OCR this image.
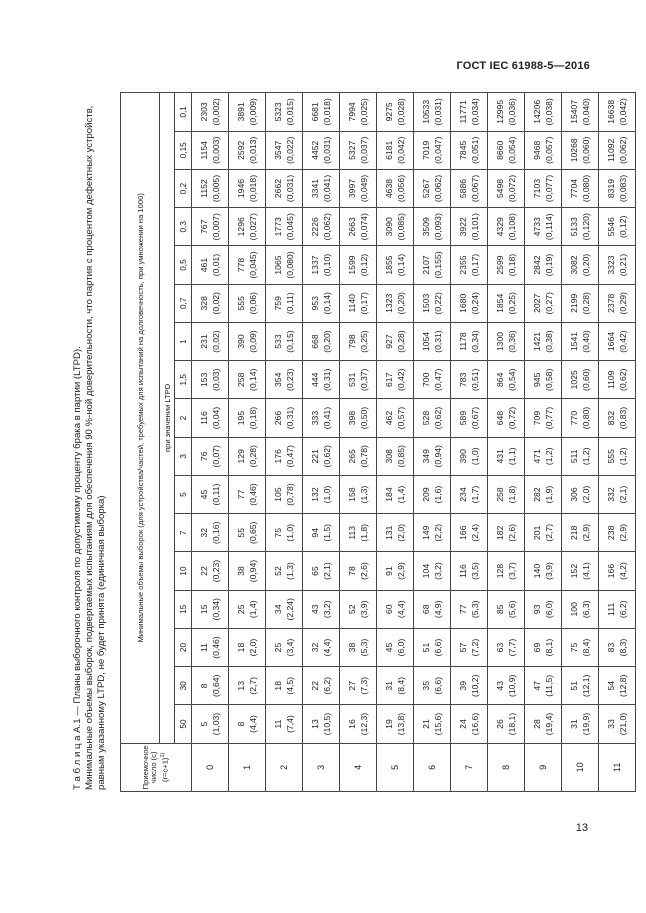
ГОСТ IEC 61988-5—2016
Т а б л и ц а А.1 — Планы выборочного контроля по допустимому проценту брака в партии (LTPD). Минимальные объемы выборок, подвергаемых испытаниям для обеспечения 90 %-ной доверительности, что партия с процентом дефектных устройств, равным указанному LTPD, не будет принята (единичная выборка)	Приемочное число (c) (r=c+1)$^{1)}$	Минимальные объемы выборок (для устройства/частей, требуемых для испытаний на долговечность, при умножении на 1000)																
	при значении LTPD																
	50	30	20	15	10	7	5	3	2	1,5	1	0,7	0,5	0,3	0,2	0,15	0,1
0	5 (1,03)	8 (0,64)	11 (0,46)	15 (0,34)	22 (0,23)	32 (0,16)	45 (0,11)	76 (0,07)	116 (0,04)	153 (0,03)	231 (0,02)	328 (0,02)	461 (0,01)	767 (0,007)	1152 (0,005)	1154 (0,003)	2303 (0,002)

1	8 (4,4)	13 (2,7)	18 (2,0)	25 (1,4)	38 (0,94)	55 (0,65)	77 (0,46)	129 (0,28)	195 (0,18)	258 (0,14)	390 (0,09)	555 (0,06)	778 (0,045)	1296 (0,027)	1946 (0,018)	2592 (0,013)	3891 (0,009)

2	11 (7,4)	18 (4,5)	25 (3,4)	34 (2,24)	52 (1,3)	75 (1,0)	105 (0,78)	176 (0,47)	266 (0,31)	354 (0,23)	533 (0,15)	759 (0,11)	1065 (0,080)	1773 (0,045)	2662 (0,031)	3547 (0,022)	5323 (0,015)

3	13 (10,5)	22 (6,2)	32 (4,4)	43 (3,2)	65 (2,1)	94 (1,5)	132 (1,0)	221 (0,62)	333 (0,41)	444 (0,31)	668 (0,20)	953 (0,14)	1337 (0,10)	2226 (0,062)	3341 (0,041)	4452 (0,031)	6681 (0,018)

4	16 (12,3)	27 (7,3)	38 (5,3)	52 (3,9)	78 (2,6)	113 (1,8)	158 (1,3)	265 (0,78)	398 (0,50)	531 (0,37)	798 (0,25)	1140 (0,17)	1599 (0,12)	2663 (0,074)	3997 (0,049)	5327 (0,037)	7994 (0,025)

5	19 (13,8)	31 (8,4)	45 (6,0)	60 (4,4)	91 (2,9)	131 (2,0)	184 (1,4)	308 (0,85)	462 (0,57)	617 (0,42)	927 (0,28)	1323 (0,20)	1855 (0,14)	3090 (0,085)	4638 (0,056)	6181 (0,042)	9275 (0,028)

6	21 (15,6)	35 (6,6)	51 (6,6)	68 (4,9)	104 (3,2)	149 (2,2)	209 (1,6)	349 (0,94)	528 (0,62)	700 (0,47)	1054 (0,31)	1503 (0,22)	2107 (0,155)	3509 (0,093)	5267 (0,062)	7019 (0,047)	10533 (0,031)

7	24 (16,6)	39 (10,2)	57 (7,2)	77 (5,3)	116 (3,5)	166 (2,4)	234 (1,7)	390 (1,0)	589 (0,67)	783 (0,51)	1178 (0,34)	1680 (0,24)	2355 (0,17)	3922 (0,101)	5886 (0,067)	7845 (0,051)	11771 (0,034)

8	26 (18,1)	43 (10,9)	63 (7,7)	85 (5,6)	128 (3,7)	182 (2,6)	258 (1,8)	431 (1,1)	648 (0,72)	864 (0,54)	1300 (0,36)	1854 (0,25)	2599 (0,18)	4329 (0,108)	5498 (0,072)	8660 (0,054)	12995 (0,036)

9	28 (19,4)	47 (11,5)	69 (8,1)	93 (6,0)	140 (3,9)	201 (2,7)	282 (1,9)	471 (1,2)	709 (0,77)	945 (0,58)	1421 (0,38)	2027 (0,27)	2842 (0,19)	4733 (0,114)	7103 (0,077)	9468 (0,057)	14206 (0,038)

10	31 (19,9)	51 (12,1)	75 (8,4)	100 (6,3)	152 (4,1)	218 (2,9)	306 (2,0)	511 (1,2)	770 (0,80)	1025 (0,60)	1541 (0,40)	2199 (0,28)	3082 (0,20)	5133 (0,120)	7704 (0,080)	10268 (0,060)	15407 (0,040)

11	33 (21,0)	54 (12,8)	83 (8,3)	111 (6,2)	166 (4,2)	238 (2,9)	332 (2,1)	555 (1,2)	832 (0,83)	1109 (0,62)	1664 (0,42)	2378 (0,29)	3323 (0,21)	5546 (0,12)	8319 (0,083)	11092 (0,062)	16638 (0,042)
13
